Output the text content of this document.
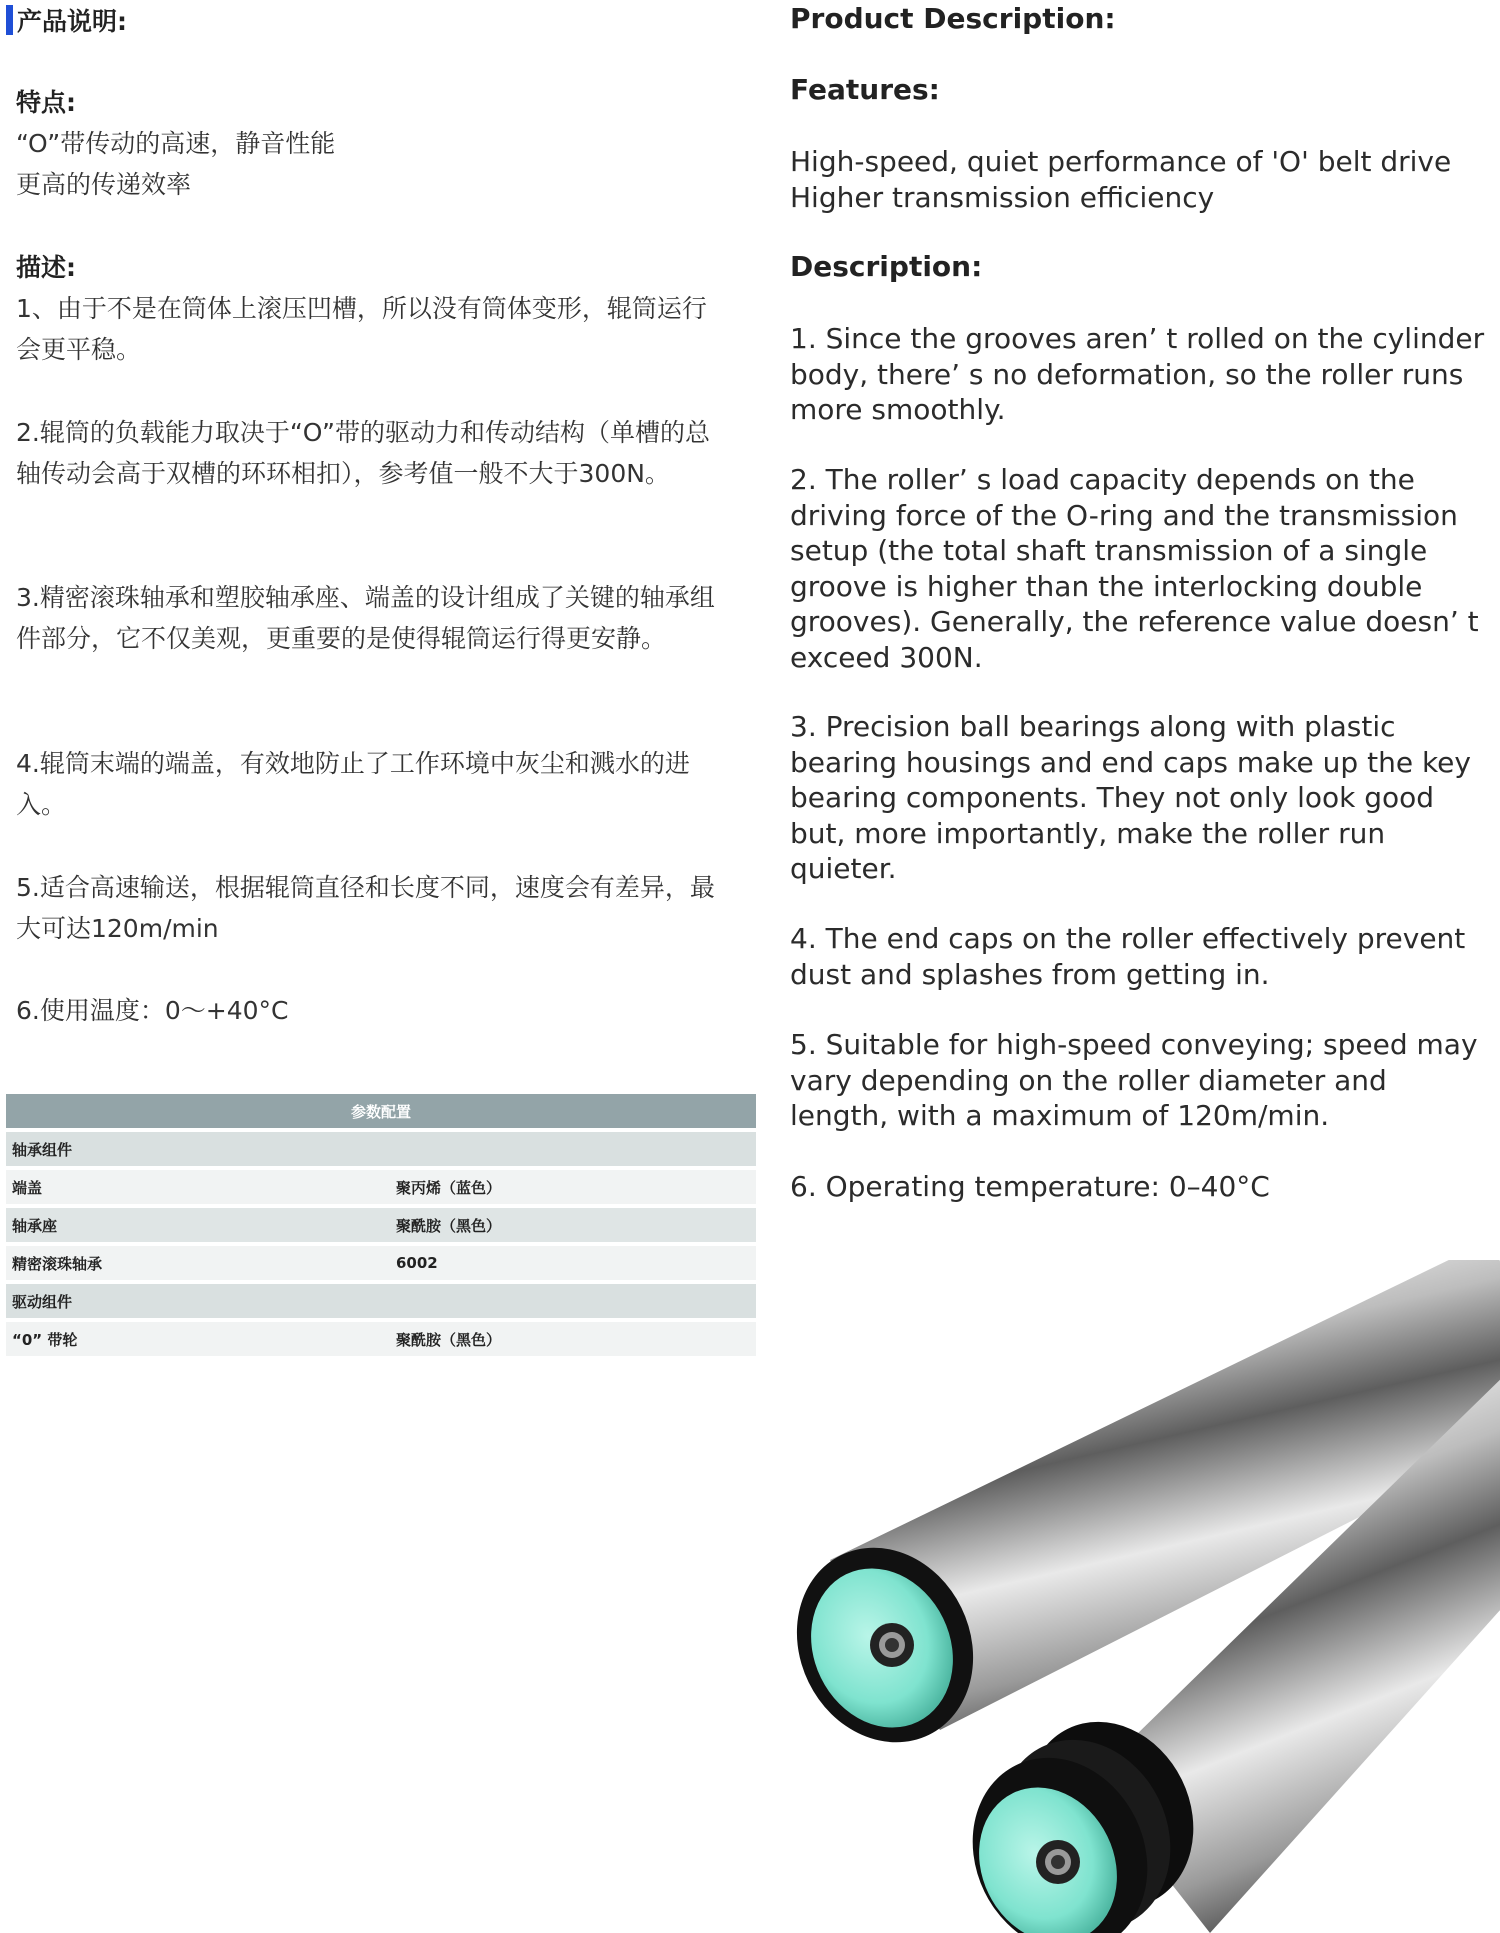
产品说明:

特点:

“O”带传动的高速，静音性能

更高的传递效率

描述:

1、由于不是在筒体上滚压凹槽，所以没有筒体变形，辊筒运行会更平稳。

2.辊筒的负载能力取决于“O”带的驱动力和传动结构（单槽的总轴传动会高于双槽的环环相扣），参考值一般不大于300N。
3.精密滚珠轴承和塑胶轴承座、端盖的设计组成了关键的轴承组件部分，它不仅美观，更重要的是使得辊筒运行得更安静。
4.辊筒末端的端盖，有效地防止了工作环境中灰尘和溅水的进入。
5.适合高速输送，根据辊筒直径和长度不同，速度会有差异，最大可达120m/min
6.使用温度：0～+40°C
参数配置	
轴承组件	
端盖	聚丙烯（蓝色）
轴承座	聚酰胺（黑色）
精密滚珠轴承	6002
驱动组件	
“0” 带轮	聚酰胺（黑色）
Product Description:
Features:

High-speed, quiet performance of 'O' belt drive

Higher transmission efficiency

Description:
1. Since the grooves aren’ t rolled on the cylinder body, there’ s no deformation, so the roller runs more smoothly.
2. The roller’ s load capacity depends on the driving force of the O-ring and the transmission setup (the total shaft transmission of a single groove is higher than the interlocking double grooves). Generally, the reference value doesn’ t exceed 300N.
3. Precision ball bearings along with plastic bearing housings and end caps make up the key bearing components. They not only look good but, more importantly, make the roller run quieter.
4. The end caps on the roller effectively prevent dust and splashes from getting in.
5. Suitable for high-speed conveying; speed may vary depending on the roller diameter and length, with a maximum of 120m/min.
6. Operating temperature: 0–40°C
